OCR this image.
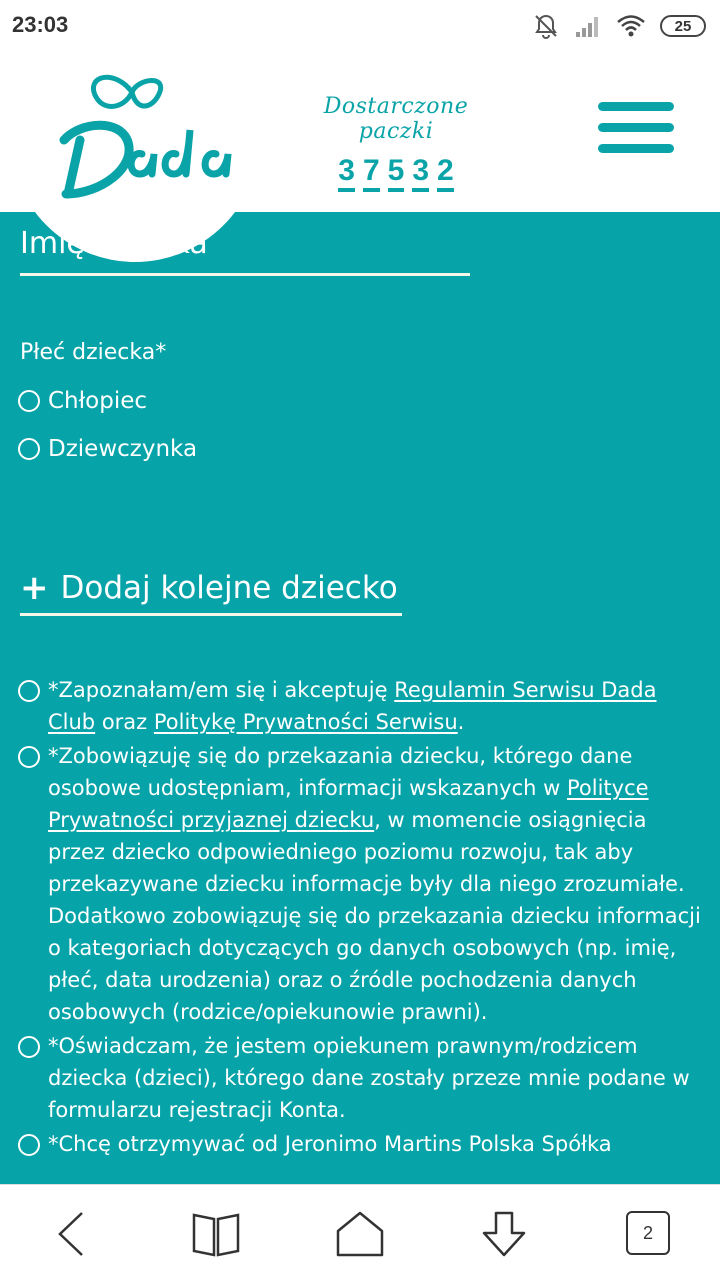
23:03	25
Dostarczone paczki
3 7 5 3 2
Imię dziecka
Płeć dziecka*
Chłopiec
Dziewczynka
+ Dodaj kolejne dziecko
*Zapoznałam/em się i akceptuję Regulamin Serwisu Dada Club oraz Politykę Prywatności Serwisu.
*Zobowiązuję się do przekazania dziecku, którego dane osobowe udostępniam, informacji wskazanych w Polityce Prywatności przyjaznej dziecku, w momencie osiągnięcia przez dziecko odpowiedniego poziomu rozwoju, tak aby przekazywane dziecku informacje były dla niego zrozumiałe. Dodatkowo zobowiązuję się do przekazania dziecku informacji o kategoriach dotyczących go danych osobowych (np. imię, płeć, data urodzenia) oraz o źródle pochodzenia danych osobowych (rodzice/opiekunowie prawni).
*Oświadczam, że jestem opiekunem prawnym/rodzicem dziecka (dzieci), którego dane zostały przeze mnie podane w formularzu rejestracji Konta.
*Chcę otrzymywać od Jeronimo Martins Polska Spółka
2
